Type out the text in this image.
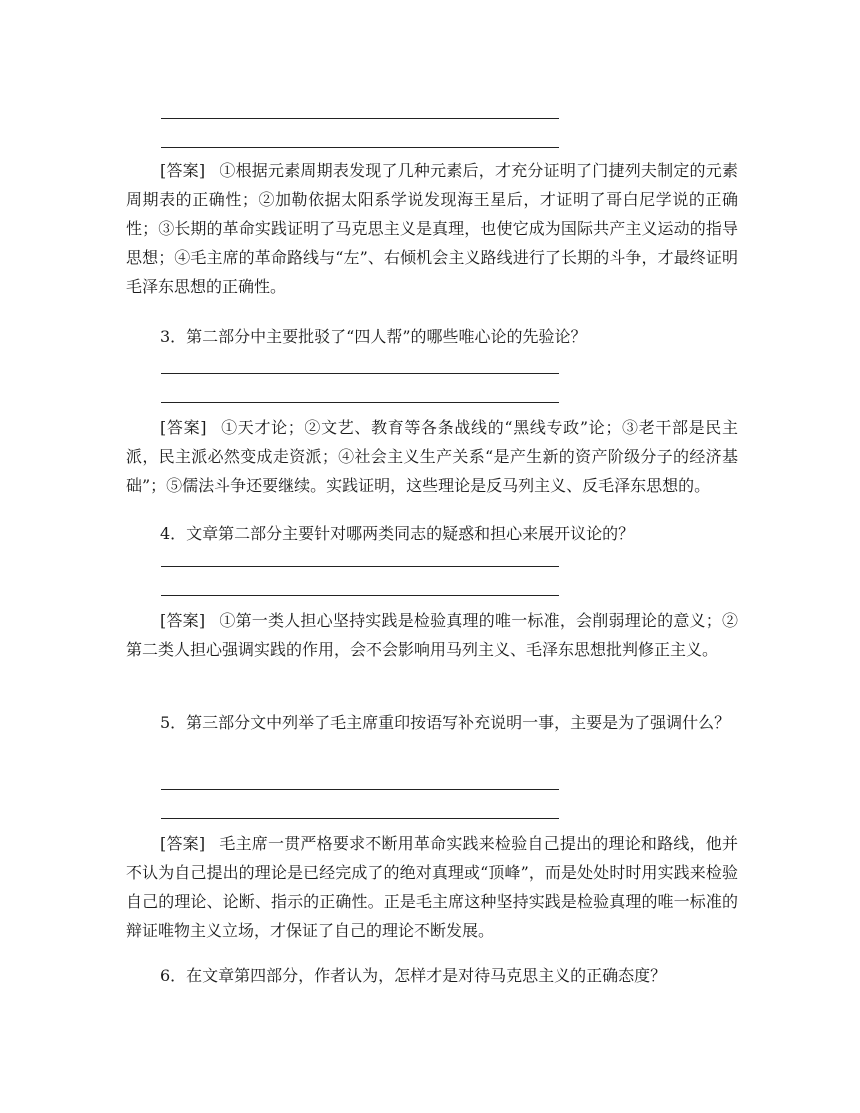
[答案] ①根据元素周期表发现了几种元素后，才充分证明了门捷列夫制定的元素周期表的正确性；②加勒依据太阳系学说发现海王星后，才证明了哥白尼学说的正确性；③长期的革命实践证明了马克思主义是真理，也使它成为国际共产主义运动的指导思想；④毛主席的革命路线与“左”、右倾机会主义路线进行了长期的斗争，才最终证明毛泽东思想的正确性。

3．第二部分中主要批驳了“四人帮”的哪些唯心论的先验论？

[答案] ①天才论；②文艺、教育等各条战线的“黑线专政”论；③老干部是民主派，民主派必然变成走资派；④社会主义生产关系“是产生新的资产阶级分子的经济基础”；⑤儒法斗争还要继续。实践证明，这些理论是反马列主义、反毛泽东思想的。

4．文章第二部分主要针对哪两类同志的疑惑和担心来展开议论的？

[答案] ①第一类人担心坚持实践是检验真理的唯一标准，会削弱理论的意义；②第二类人担心强调实践的作用，会不会影响用马列主义、毛泽东思想批判修正主义。

5．第三部分文中列举了毛主席重印按语写补充说明一事，主要是为了强调什么？

[答案] 毛主席一贯严格要求不断用革命实践来检验自己提出的理论和路线，他并不认为自己提出的理论是已经完成了的绝对真理或“顶峰”，而是处处时时用实践来检验自己的理论、论断、指示的正确性。正是毛主席这种坚持实践是检验真理的唯一标准的辩证唯物主义立场，才保证了自己的理论不断发展。

6．在文章第四部分，作者认为，怎样才是对待马克思主义的正确态度？
